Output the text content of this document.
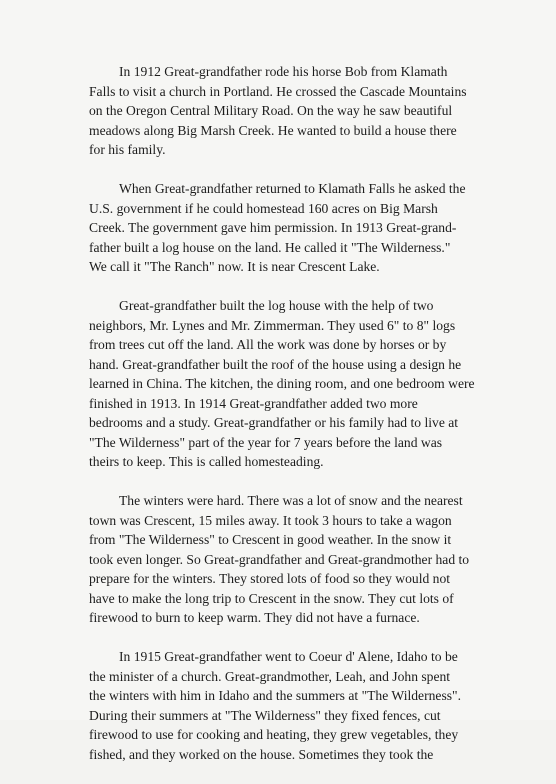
In 1912 Great-grandfather rode his horse Bob from Klamath
Falls to visit a church in Portland. He crossed the Cascade Mountains
on the Oregon Central Military Road. On the way he saw beautiful
meadows along Big Marsh Creek. He wanted to build a house there
for his family.

When Great-grandfather returned to Klamath Falls he asked the
U.S. government if he could homestead 160 acres on Big Marsh
Creek. The government gave him permission. In 1913 Great-grand-
father built a log house on the land. He called it "The Wilderness."
We call it "The Ranch" now. It is near Crescent Lake.

Great-grandfather built the log house with the help of two
neighbors, Mr. Lynes and Mr. Zimmerman. They used 6" to 8" logs
from trees cut off the land. All the work was done by horses or by
hand. Great-grandfather built the roof of the house using a design he
learned in China. The kitchen, the dining room, and one bedroom were
finished in 1913. In 1914 Great-grandfather added two more
bedrooms and a study. Great-grandfather or his family had to live at
"The Wilderness" part of the year for 7 years before the land was
theirs to keep. This is called homesteading.

The winters were hard. There was a lot of snow and the nearest
town was Crescent, 15 miles away. It took 3 hours to take a wagon
from "The Wilderness" to Crescent in good weather. In the snow it
took even longer. So Great-grandfather and Great-grandmother had to
prepare for the winters. They stored lots of food so they would not
have to make the long trip to Crescent in the snow. They cut lots of
firewood to burn to keep warm. They did not have a furnace.

In 1915 Great-grandfather went to Coeur d' Alene, Idaho to be
the minister of a church. Great-grandmother, Leah, and John spent
the winters with him in Idaho and the summers at "The Wilderness".
During their summers at "The Wilderness" they fixed fences, cut
firewood to use for cooking and heating, they grew vegetables, they
fished, and they worked on the house. Sometimes they took the
